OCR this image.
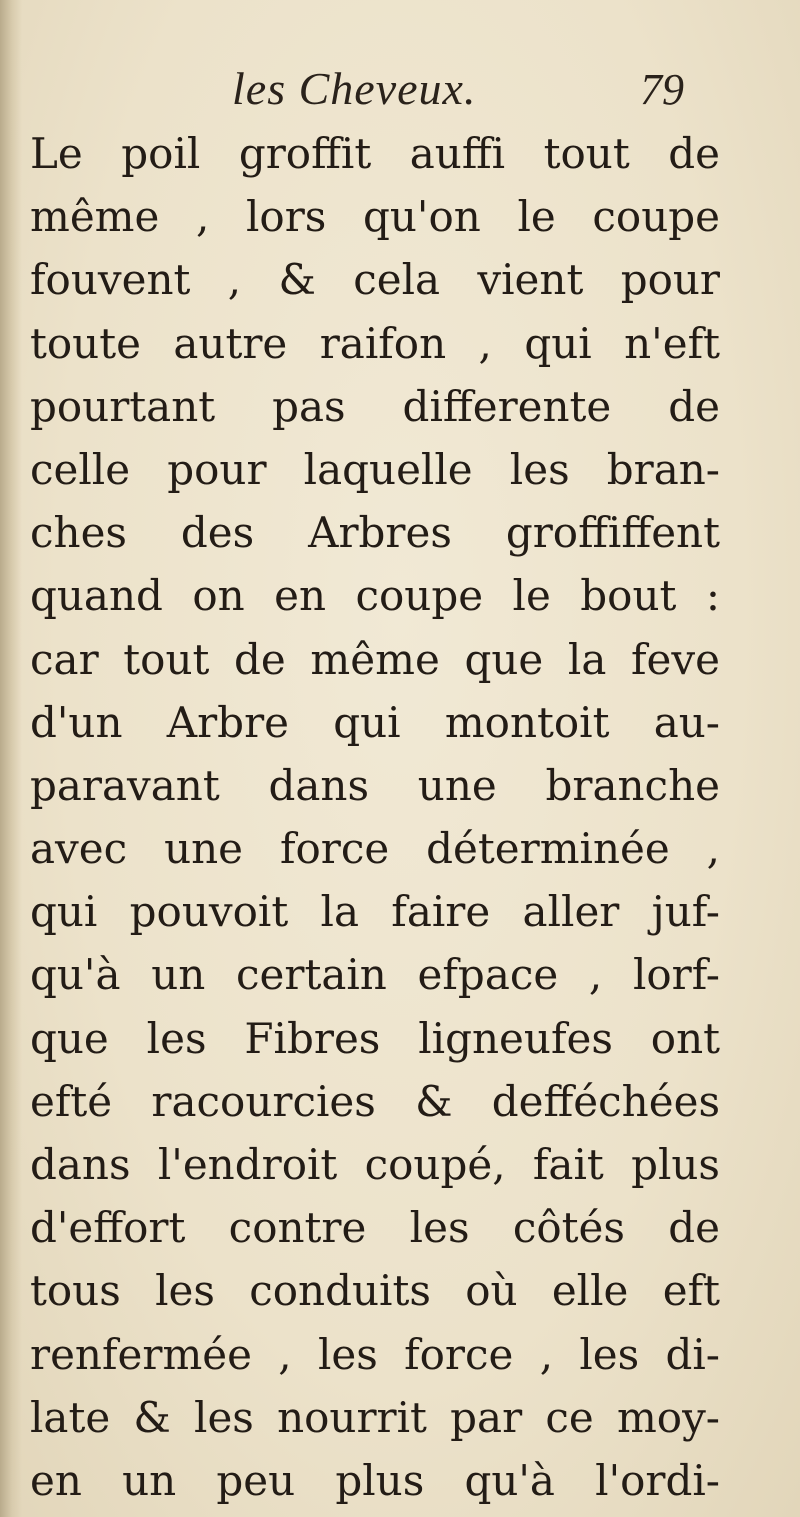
les Cheveux.	79
Le poil groffit auffi tout de
même , lors qu'on le coupe
fouvent , & cela vient pour
toute autre raifon , qui n'eft
pourtant pas differente de
celle pour laquelle les bran-
ches des Arbres groffiffent
quand on en coupe le bout :
car tout de même que la feve
d'un Arbre qui montoit au-
paravant dans une branche
avec une force déterminée ,
qui pouvoit la faire aller juf-
qu'à un certain efpace , lorf-
que les Fibres ligneufes ont
efté racourcies & defféchées
dans l'endroit coupé, fait plus
d'effort contre les côtés de
tous les conduits où elle eft
renfermée , les force , les di-
late & les nourrit par ce moy-
en un peu plus qu'à l'ordi-
